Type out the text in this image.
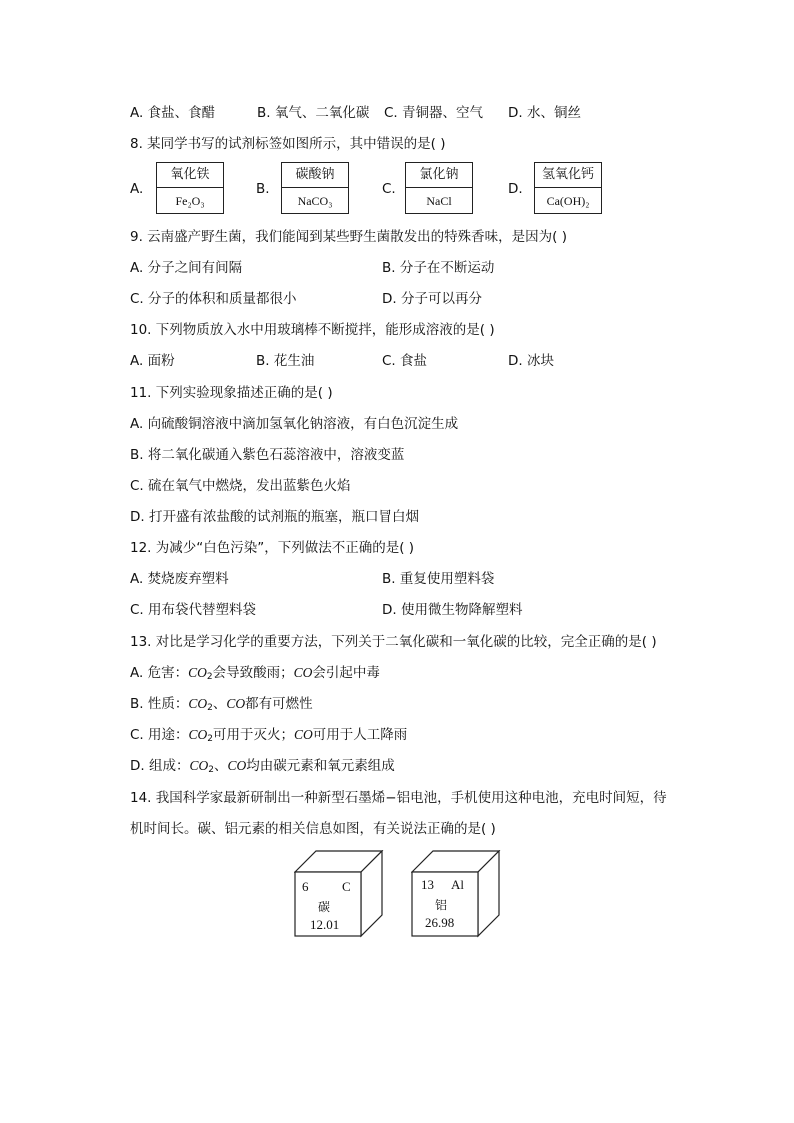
A. 食盐、食醋	B. 氧气、二氧化碳 C. 青铜器、空气 D. 水、铜丝
8. 某同学书写的试剂标签如图所示，其中错误的是( )
A.
氧化铁
Fe₂O₃
B.
碳酸钠
NaCO₃
C.
氯化钠
NaCl
D.
氢氧化钙
Ca(OH)₂
9. 云南盛产野生菌，我们能闻到某些野生菌散发出的特殊香味，是因为( )
A. 分子之间有间隔	B. 分子在不断运动
C. 分子的体积和质量都很小	D. 分子可以再分
10. 下列物质放入水中用玻璃棒不断搅拌，能形成溶液的是( )
A. 面粉	B. 花生油	C. 食盐	D. 冰块
11. 下列实验现象描述正确的是( )
A. 向硫酸铜溶液中滴加氢氧化钠溶液，有白色沉淀生成
B. 将二氧化碳通入紫色石蕊溶液中，溶液变蓝
C. 硫在氧气中燃烧，发出蓝紫色火焰
D. 打开盛有浓盐酸的试剂瓶的瓶塞，瓶口冒白烟
12. 为减少“白色污染”，下列做法不正确的是( )
A. 焚烧废弃塑料	B. 重复使用塑料袋
C. 用布袋代替塑料袋	D. 使用微生物降解塑料
13. 对比是学习化学的重要方法，下列关于二氧化碳和一氧化碳的比较，完全正确的是( )
A. 危害：$CO_2$会导致酸雨；CO会引起中毒
B. 性质：$CO_2$、CO都有可燃性
C. 用途：$CO_2$可用于灭火；CO可用于人工降雨
D. 组成：$CO_2$、CO均由碳元素和氧元素组成
14. 我国科学家最新研制出一种新型石墨烯−铝电池，手机使用这种电池，充电时间短，待
机时间长。碳、铝元素的相关信息如图，有关说法正确的是( )
6	C
碳
12.01
13 Al
铝
26.98
